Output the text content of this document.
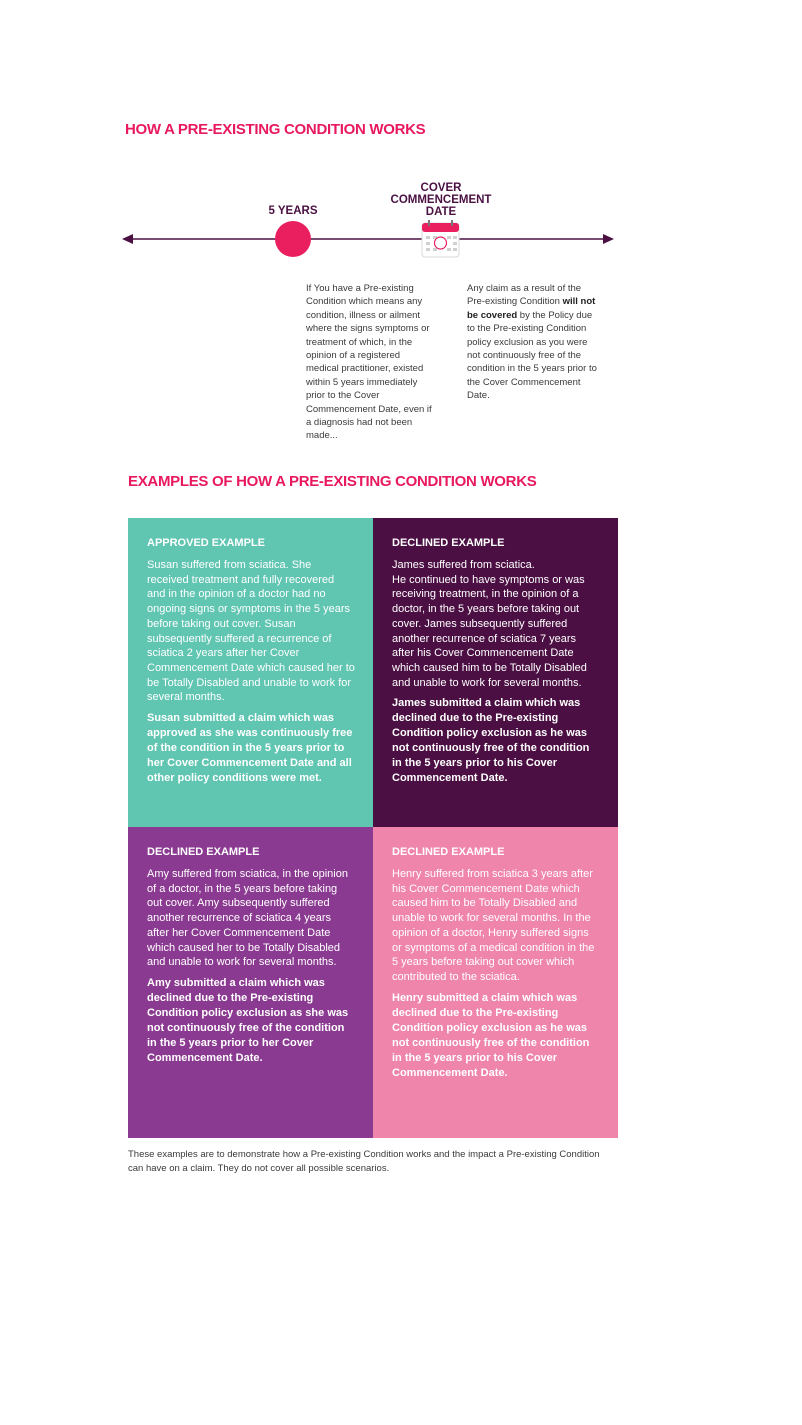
HOW A PRE-EXISTING CONDITION WORKS

5 YEARS

COVER
COMMENCEMENT
DATE

If You have a Pre-existing Condition which means any condition, illness or ailment where the signs symptoms or treatment of which, in the opinion of a registered medical practitioner, existed within 5 years immediately prior to the Cover Commencement Date, even if a diagnosis had not been made...

Any claim as a result of the Pre-existing Condition will not be covered by the Policy due to the Pre-existing Condition policy exclusion as you were not continuously free of the condition in the 5 years prior to the Cover Commencement Date.

EXAMPLES OF HOW A PRE-EXISTING CONDITION WORKS

APPROVED EXAMPLE

Susan suffered from sciatica. She received treatment and fully recovered and in the opinion of a doctor had no ongoing signs or symptoms in the 5 years before taking out cover. Susan subsequently suffered a recurrence of sciatica 2 years after her Cover Commencement Date which caused her to be Totally Disabled and unable to work for several months.

Susan submitted a claim which was approved as she was continuously free of the condition in the 5 years prior to her Cover Commencement Date and all other policy conditions were met.

DECLINED EXAMPLE

James suffered from sciatica.
He continued to have symptoms or was receiving treatment, in the opinion of a doctor, in the 5 years before taking out cover. James subsequently suffered another recurrence of sciatica 7 years after his Cover Commencement Date which caused him to be Totally Disabled and unable to work for several months.

James submitted a claim which was declined due to the Pre-existing Condition policy exclusion as he was not continuously free of the condition in the 5 years prior to his Cover Commencement Date.

DECLINED EXAMPLE

Amy suffered from sciatica, in the opinion of a doctor, in the 5 years before taking out cover. Amy subsequently suffered another recurrence of sciatica 4 years after her Cover Commencement Date which caused her to be Totally Disabled and unable to work for several months.

Amy submitted a claim which was declined due to the Pre-existing Condition policy exclusion as she was not continuously free of the condition in the 5 years prior to her Cover Commencement Date.

DECLINED EXAMPLE

Henry suffered from sciatica 3 years after his Cover Commencement Date which caused him to be Totally Disabled and unable to work for several months. In the opinion of a doctor, Henry suffered signs or symptoms of a medical condition in the 5 years before taking out cover which contributed to the sciatica.

Henry submitted a claim which was declined due to the Pre-existing Condition policy exclusion as he was not continuously free of the condition in the 5 years prior to his Cover Commencement Date.

These examples are to demonstrate how a Pre-existing Condition works and the impact a Pre-existing Condition can have on a claim. They do not cover all possible scenarios.
